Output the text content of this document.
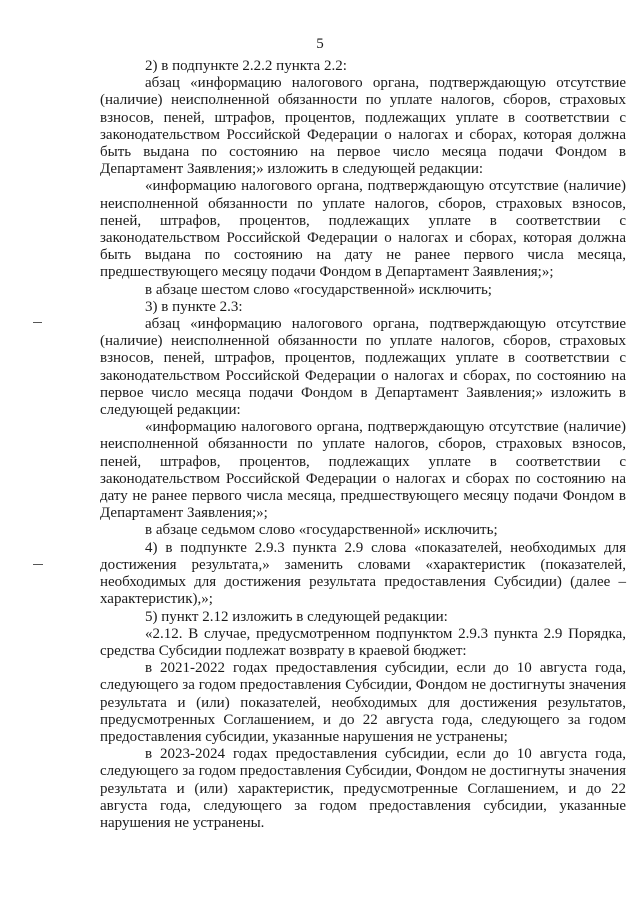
5

2) в подпункте 2.2.2 пункта 2.2:

абзац «информацию налогового органа, подтверждающую отсутствие (наличие) неисполненной обязанности по уплате налогов, сборов, страховых взносов, пеней, штрафов, процентов, подлежащих уплате в соответствии с законодательством Российской Федерации о налогах и сборах, которая должна быть выдана по состоянию на первое число месяца подачи Фондом в Департамент Заявления;» изложить в следующей редакции:

«информацию налогового органа, подтверждающую отсутствие (наличие) неисполненной обязанности по уплате налогов, сборов, страховых взносов, пеней, штрафов, процентов, подлежащих уплате в соответствии с законодательством Российской Федерации о налогах и сборах, которая должна быть выдана по состоянию на дату не ранее первого числа месяца, предшествующего месяцу подачи Фондом в Департамент Заявления;»;

в абзаце шестом слово «государственной» исключить;

3) в пункте 2.3:

абзац «информацию налогового органа, подтверждающую отсутствие (наличие) неисполненной обязанности по уплате налогов, сборов, страховых взносов, пеней, штрафов, процентов, подлежащих уплате в соответствии с законодательством Российской Федерации о налогах и сборах, по состоянию на первое число месяца подачи Фондом в Департамент Заявления;» изложить в следующей редакции:

«информацию налогового органа, подтверждающую отсутствие (наличие) неисполненной обязанности по уплате налогов, сборов, страховых взносов, пеней, штрафов, процентов, подлежащих уплате в соответствии с законодательством Российской Федерации о налогах и сборах по состоянию на дату не ранее первого числа месяца, предшествующего месяцу подачи Фондом в Департамент Заявления;»;

в абзаце седьмом слово «государственной» исключить;

4) в подпункте 2.9.3 пункта 2.9 слова «показателей, необходимых для достижения результата,» заменить словами «характеристик (показателей, необходимых для достижения результата предоставления Субсидии) (далее – характеристик),»;

5) пункт 2.12 изложить в следующей редакции:

«2.12. В случае, предусмотренном подпунктом 2.9.3 пункта 2.9 Порядка, средства Субсидии подлежат возврату в краевой бюджет:

в 2021-2022 годах предоставления субсидии, если до 10 августа года, следующего за годом предоставления Субсидии, Фондом не достигнуты значения результата и (или) показателей, необходимых для достижения результатов, предусмотренных Соглашением, и до 22 августа года, следующего за годом предоставления субсидии, указанные нарушения не устранены;

в 2023-2024 годах предоставления субсидии, если до 10 августа года, следующего за годом предоставления Субсидии, Фондом не достигнуты значения результата и (или) характеристик, предусмотренные Соглашением, и до 22 августа года, следующего за годом предоставления субсидии, указанные нарушения не устранены.
